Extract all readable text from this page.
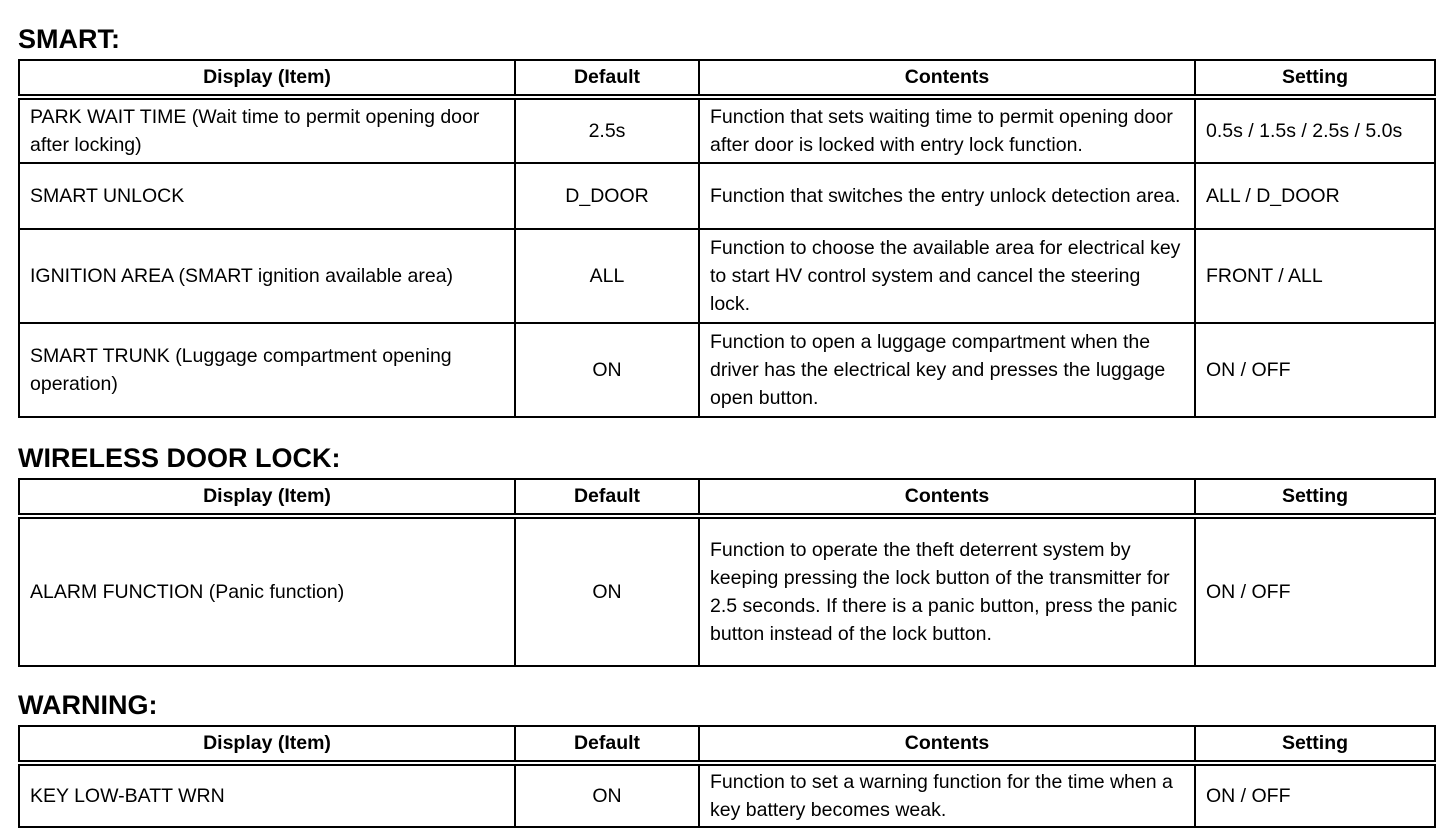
SMART:
Display (Item)	Default	Contents	Setting
PARK WAIT TIME (Wait time to permit opening door after locking)	2.5s	Function that sets waiting time to permit opening door after door is locked with entry lock function.	0.5s / 1.5s / 2.5s / 5.0s
SMART UNLOCK	D_DOOR	Function that switches the entry unlock detection area.	ALL / D_DOOR
IGNITION AREA (SMART ignition available area)	ALL	Function to choose the available area for electrical key to start HV control system and cancel the steering lock.	FRONT / ALL
SMART TRUNK (Luggage compartment opening operation)	ON	Function to open a luggage compartment when the driver has the electrical key and presses the luggage open button.	ON / OFF
WIRELESS DOOR LOCK:
Display (Item)	Default	Contents	Setting
ALARM FUNCTION (Panic function)	ON	Function to operate the theft deterrent system by keeping pressing the lock button of the transmitter for 2.5 seconds. If there is a panic button, press the panic button instead of the lock button.	ON / OFF
WARNING:
Display (Item)	Default	Contents	Setting
KEY LOW-BATT WRN	ON	Function to set a warning function for the time when a key battery becomes weak.	ON / OFF
